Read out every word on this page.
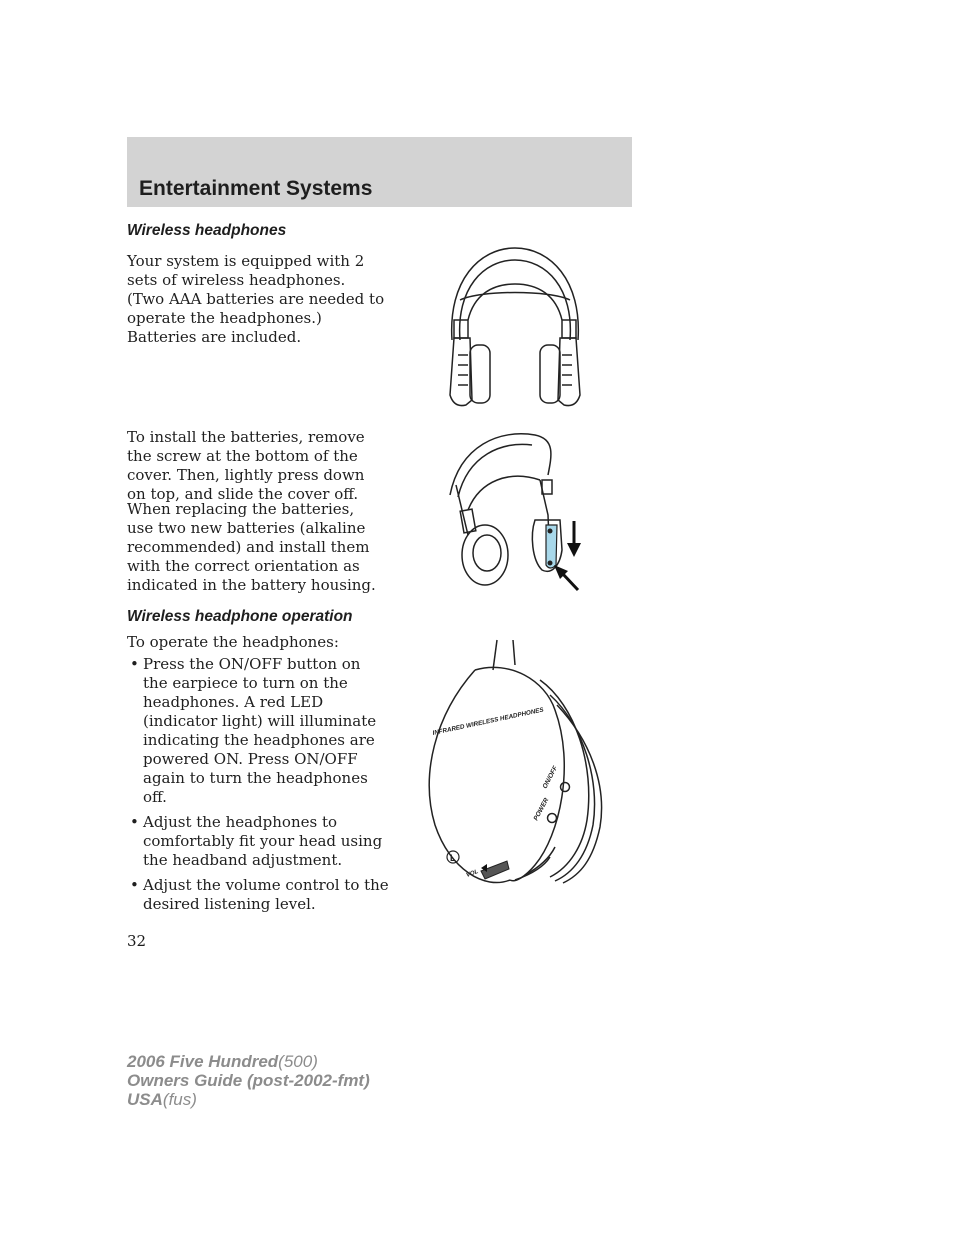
Entertainment Systems
Wireless headphones

Your system is equipped with 2 sets of wireless headphones. (Two AAA batteries are needed to operate the headphones.) Batteries are included.

To install the batteries, remove the screw at the bottom of the cover. Then, lightly press down on top, and slide the cover off.

When replacing the batteries, use two new batteries (alkaline recommended) and install them with the correct orientation as indicated in the battery housing.

Wireless headphone operation

To operate the headphones:

• Press the ON/OFF button on the earpiece to turn on the headphones. A red LED (indicator light) will illuminate indicating the headphones are powered ON. Press ON/OFF again to turn the headphones off.
• Adjust the headphones to comfortably fit your head using the headband adjustment.
• Adjust the volume control to the desired listening level.
L
INFRARED WIRELESS HEADPHONES
ON/OFF
POWER
VOL
32
2006 Five Hundred(500)
Owners Guide (post-2002-fmt)
USA(fus)
